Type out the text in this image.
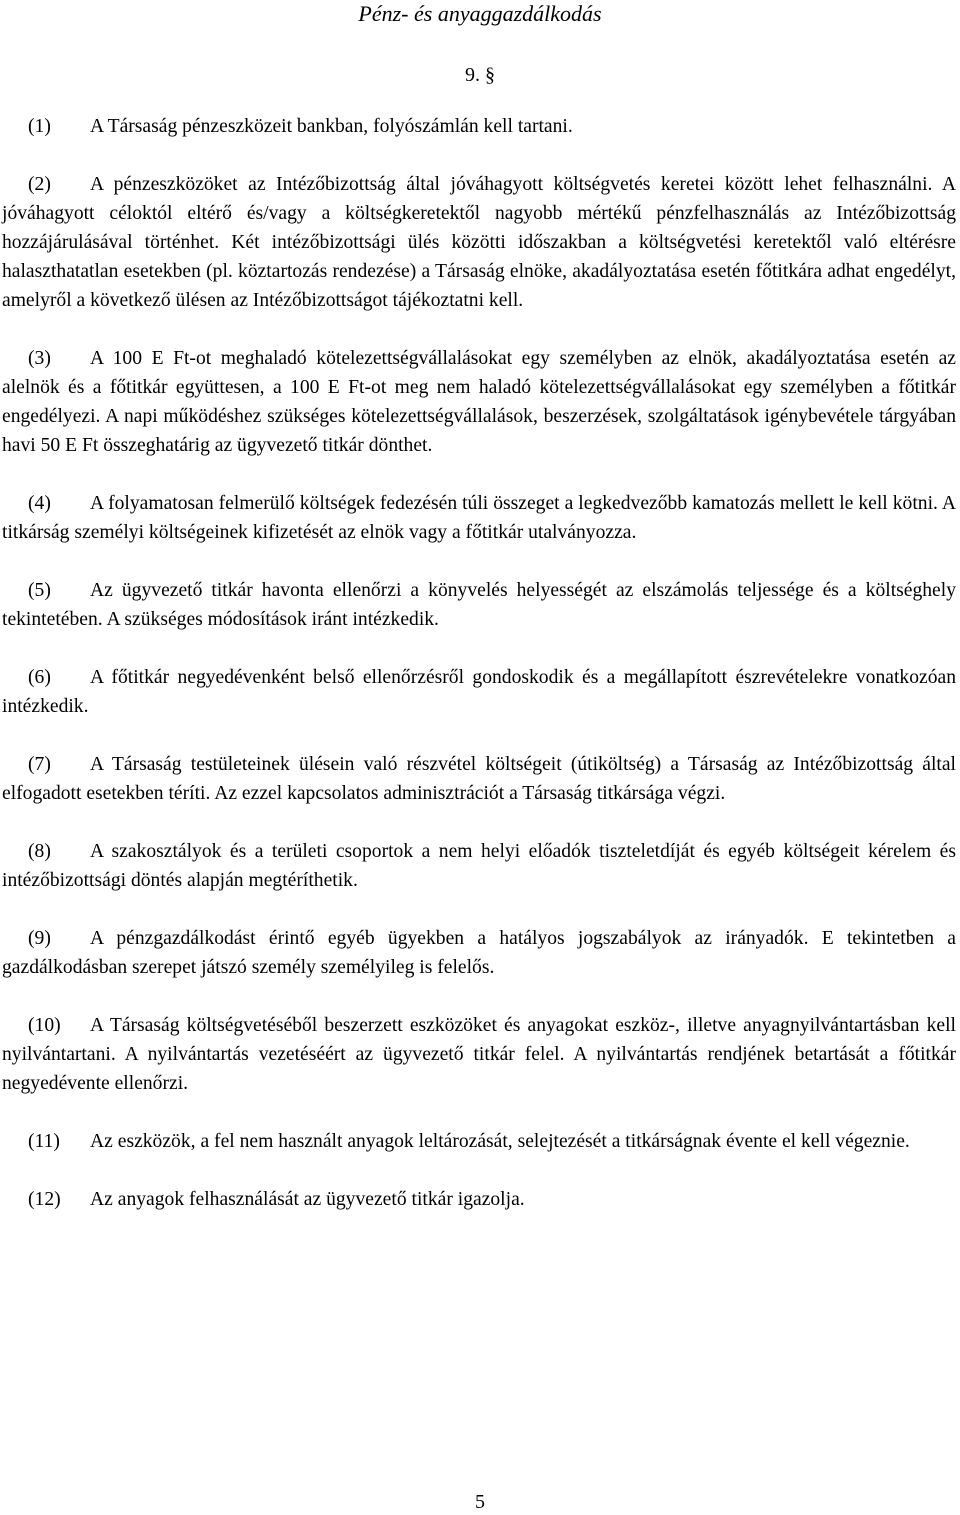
Pénz- és anyaggazdálkodás
9. §

(1) A Társaság pénzeszközeit bankban, folyószámlán kell tartani.

(2) A pénzeszközöket az Intézőbizottság által jóváhagyott költségvetés keretei között lehet felhasználni. A jóváhagyott céloktól eltérő és/vagy a költségkeretektől nagyobb mértékű pénzfelhasználás az Intézőbizottság hozzájárulásával történhet. Két intézőbizottsági ülés közötti időszakban a költségvetési keretektől való eltérésre halaszthatatlan esetekben (pl. köztartozás rendezése) a Társaság elnöke, akadályoztatása esetén főtitkára adhat engedélyt, amelyről a következő ülésen az Intézőbizottságot tájékoztatni kell.

(3) A 100 E Ft-ot meghaladó kötelezettségvállalásokat egy személyben az elnök, akadályoztatása esetén az alelnök és a főtitkár együttesen, a 100 E Ft-ot meg nem haladó kötelezettségvállalásokat egy személyben a főtitkár engedélyezi. A napi működéshez szükséges kötelezettségvállalások, beszerzések, szolgáltatások igénybevétele tárgyában havi 50 E Ft összeghatárig az ügyvezető titkár dönthet.

(4) A folyamatosan felmerülő költségek fedezésén túli összeget a legkedvezőbb kamatozás mellett le kell kötni. A titkárság személyi költségeinek kifizetését az elnök vagy a főtitkár utalványozza.

(5) Az ügyvezető titkár havonta ellenőrzi a könyvelés helyességét az elszámolás teljessége és a költséghely tekintetében. A szükséges módosítások iránt intézkedik.

(6) A főtitkár negyedévenként belső ellenőrzésről gondoskodik és a megállapított észrevételekre vonatkozóan intézkedik.

(7) A Társaság testületeinek ülésein való részvétel költségeit (útiköltség) a Társaság az Intézőbizottság által elfogadott esetekben téríti. Az ezzel kapcsolatos adminisztrációt a Társaság titkársága végzi.

(8) A szakosztályok és a területi csoportok a nem helyi előadók tiszteletdíját és egyéb költségeit kérelem és intézőbizottsági döntés alapján megtéríthetik.

(9) A pénzgazdálkodást érintő egyéb ügyekben a hatályos jogszabályok az irányadók. E tekintetben a gazdálkodásban szerepet játszó személy személyileg is felelős.

(10) A Társaság költségvetéséből beszerzett eszközöket és anyagokat eszköz-, illetve anyagnyilvántartásban kell nyilvántartani. A nyilvántartás vezetéséért az ügyvezető titkár felel. A nyilvántartás rendjének betartását a főtitkár negyedévente ellenőrzi.

(11) Az eszközök, a fel nem használt anyagok leltározását, selejtezését a titkárságnak évente el kell végeznie.

(12) Az anyagok felhasználását az ügyvezető titkár igazolja.

5
